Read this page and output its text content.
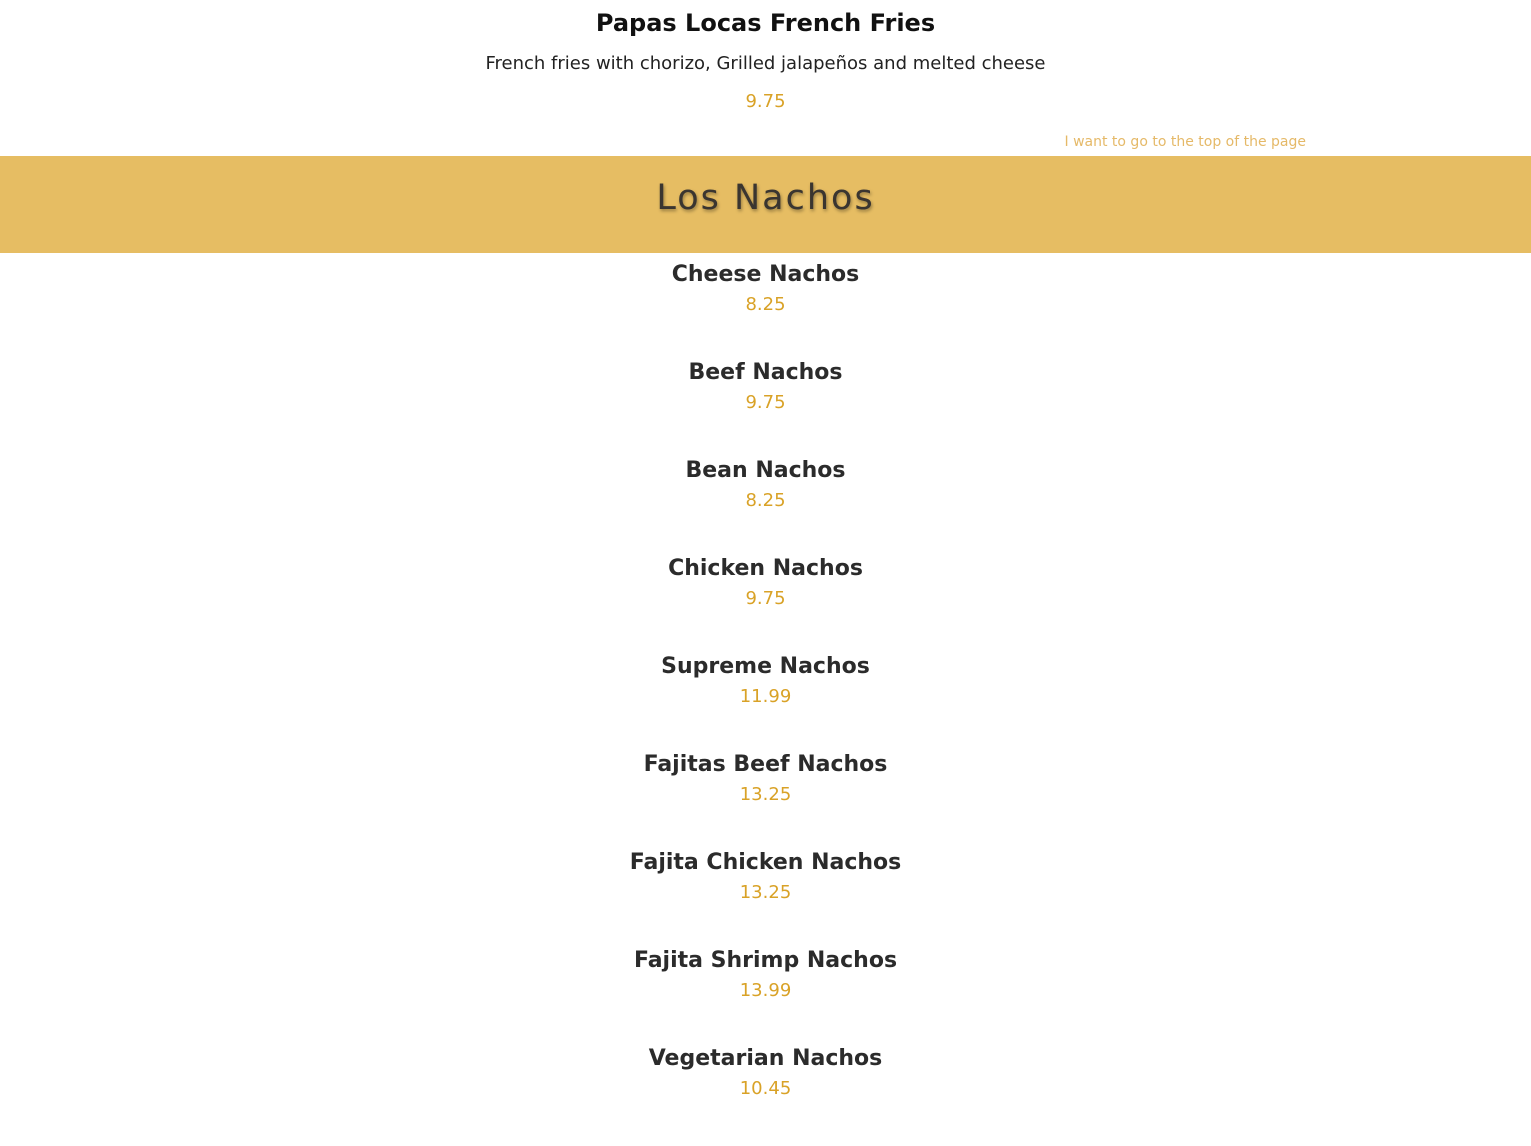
Papas Locas French Fries
French fries with chorizo, Grilled jalapeños and melted cheese
9.75
I want to go to the top of the page
Los Nachos
Cheese Nachos
8.25
Beef Nachos
9.75
Bean Nachos
8.25
Chicken Nachos
9.75
Supreme Nachos
11.99
Fajitas Beef Nachos
13.25
Fajita Chicken Nachos
13.25
Fajita Shrimp Nachos
13.99
Vegetarian Nachos
10.45
